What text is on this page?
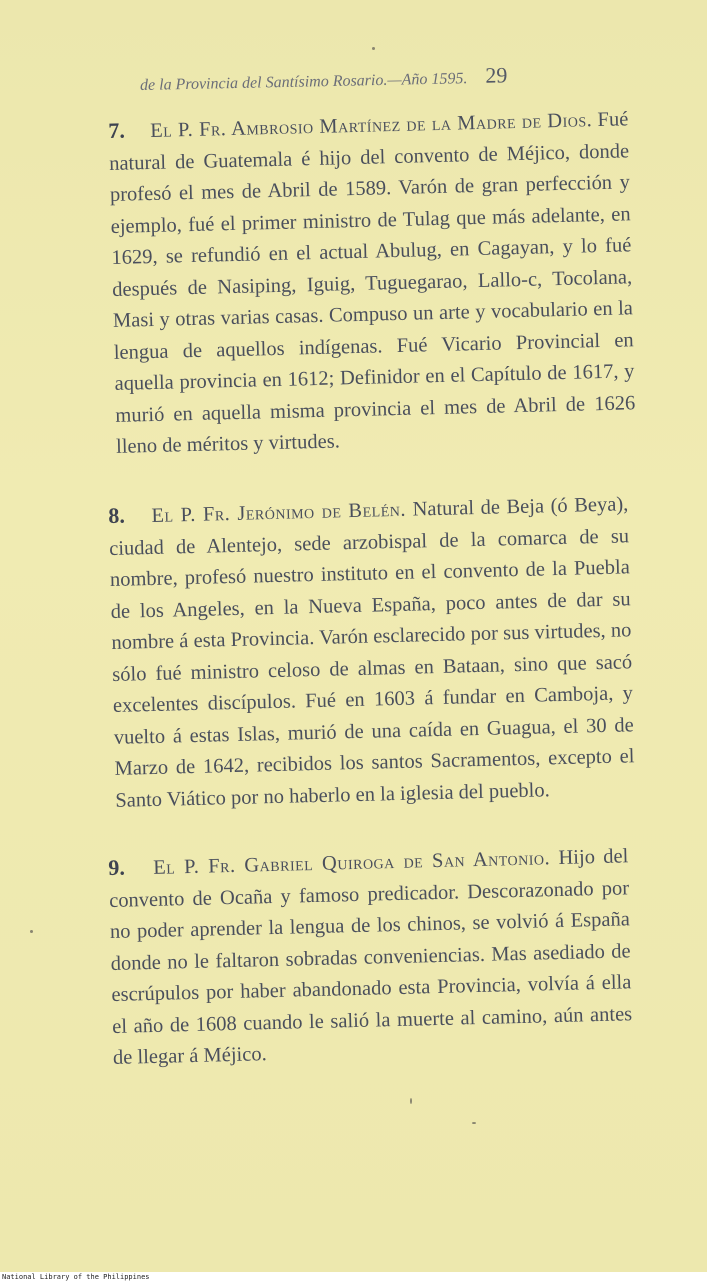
de la Provincia del Santísimo Rosario.—Año 1595. 29
7. El P. Fr. Ambrosio Martínez de la Madre de Dios. Fué natural de Guatemala é hijo del convento de Méjico, donde profesó el mes de Abril de 1589. Varón de gran perfección y ejemplo, fué el primer ministro de Tulag que más adelante, en 1629, se refundió en el actual Abulug, en Cagayan, y lo fué después de Nasiping, Iguig, Tuguegarao, Lallo-c, Tocolana, Masi y otras varias casas. Compuso un arte y vocabulario en la lengua de aquellos indígenas. Fué Vicario Provincial en aquella provincia en 1612; Definidor en el Capítulo de 1617, y murió en aquella misma provincia el mes de Abril de 1626 lleno de méritos y virtudes.
8. El P. Fr. Jerónimo de Belén. Natural de Beja (ó Beya), ciudad de Alentejo, sede arzobispal de la comarca de su nombre, profesó nuestro instituto en el convento de la Puebla de los Angeles, en la Nueva España, poco antes de dar su nombre á esta Provincia. Varón esclarecido por sus virtudes, no sólo fué ministro celoso de almas en Bataan, sino que sacó excelentes discípulos. Fué en 1603 á fundar en Camboja, y vuelto á estas Islas, murió de una caída en Guagua, el 30 de Marzo de 1642, recibidos los santos Sacramentos, excepto el Santo Viático por no haberlo en la iglesia del pueblo.
9. El P. Fr. Gabriel Quiroga de San Antonio. Hijo del convento de Ocaña y famoso predicador. Descorazonado por no poder aprender la lengua de los chinos, se volvió á España donde no le faltaron sobradas conveniencias. Mas asediado de escrúpulos por haber abandonado esta Provincia, volvía á ella el año de 1608 cuando le salió la muerte al camino, aún antes de llegar á Méjico.
National Library of the Philippines
